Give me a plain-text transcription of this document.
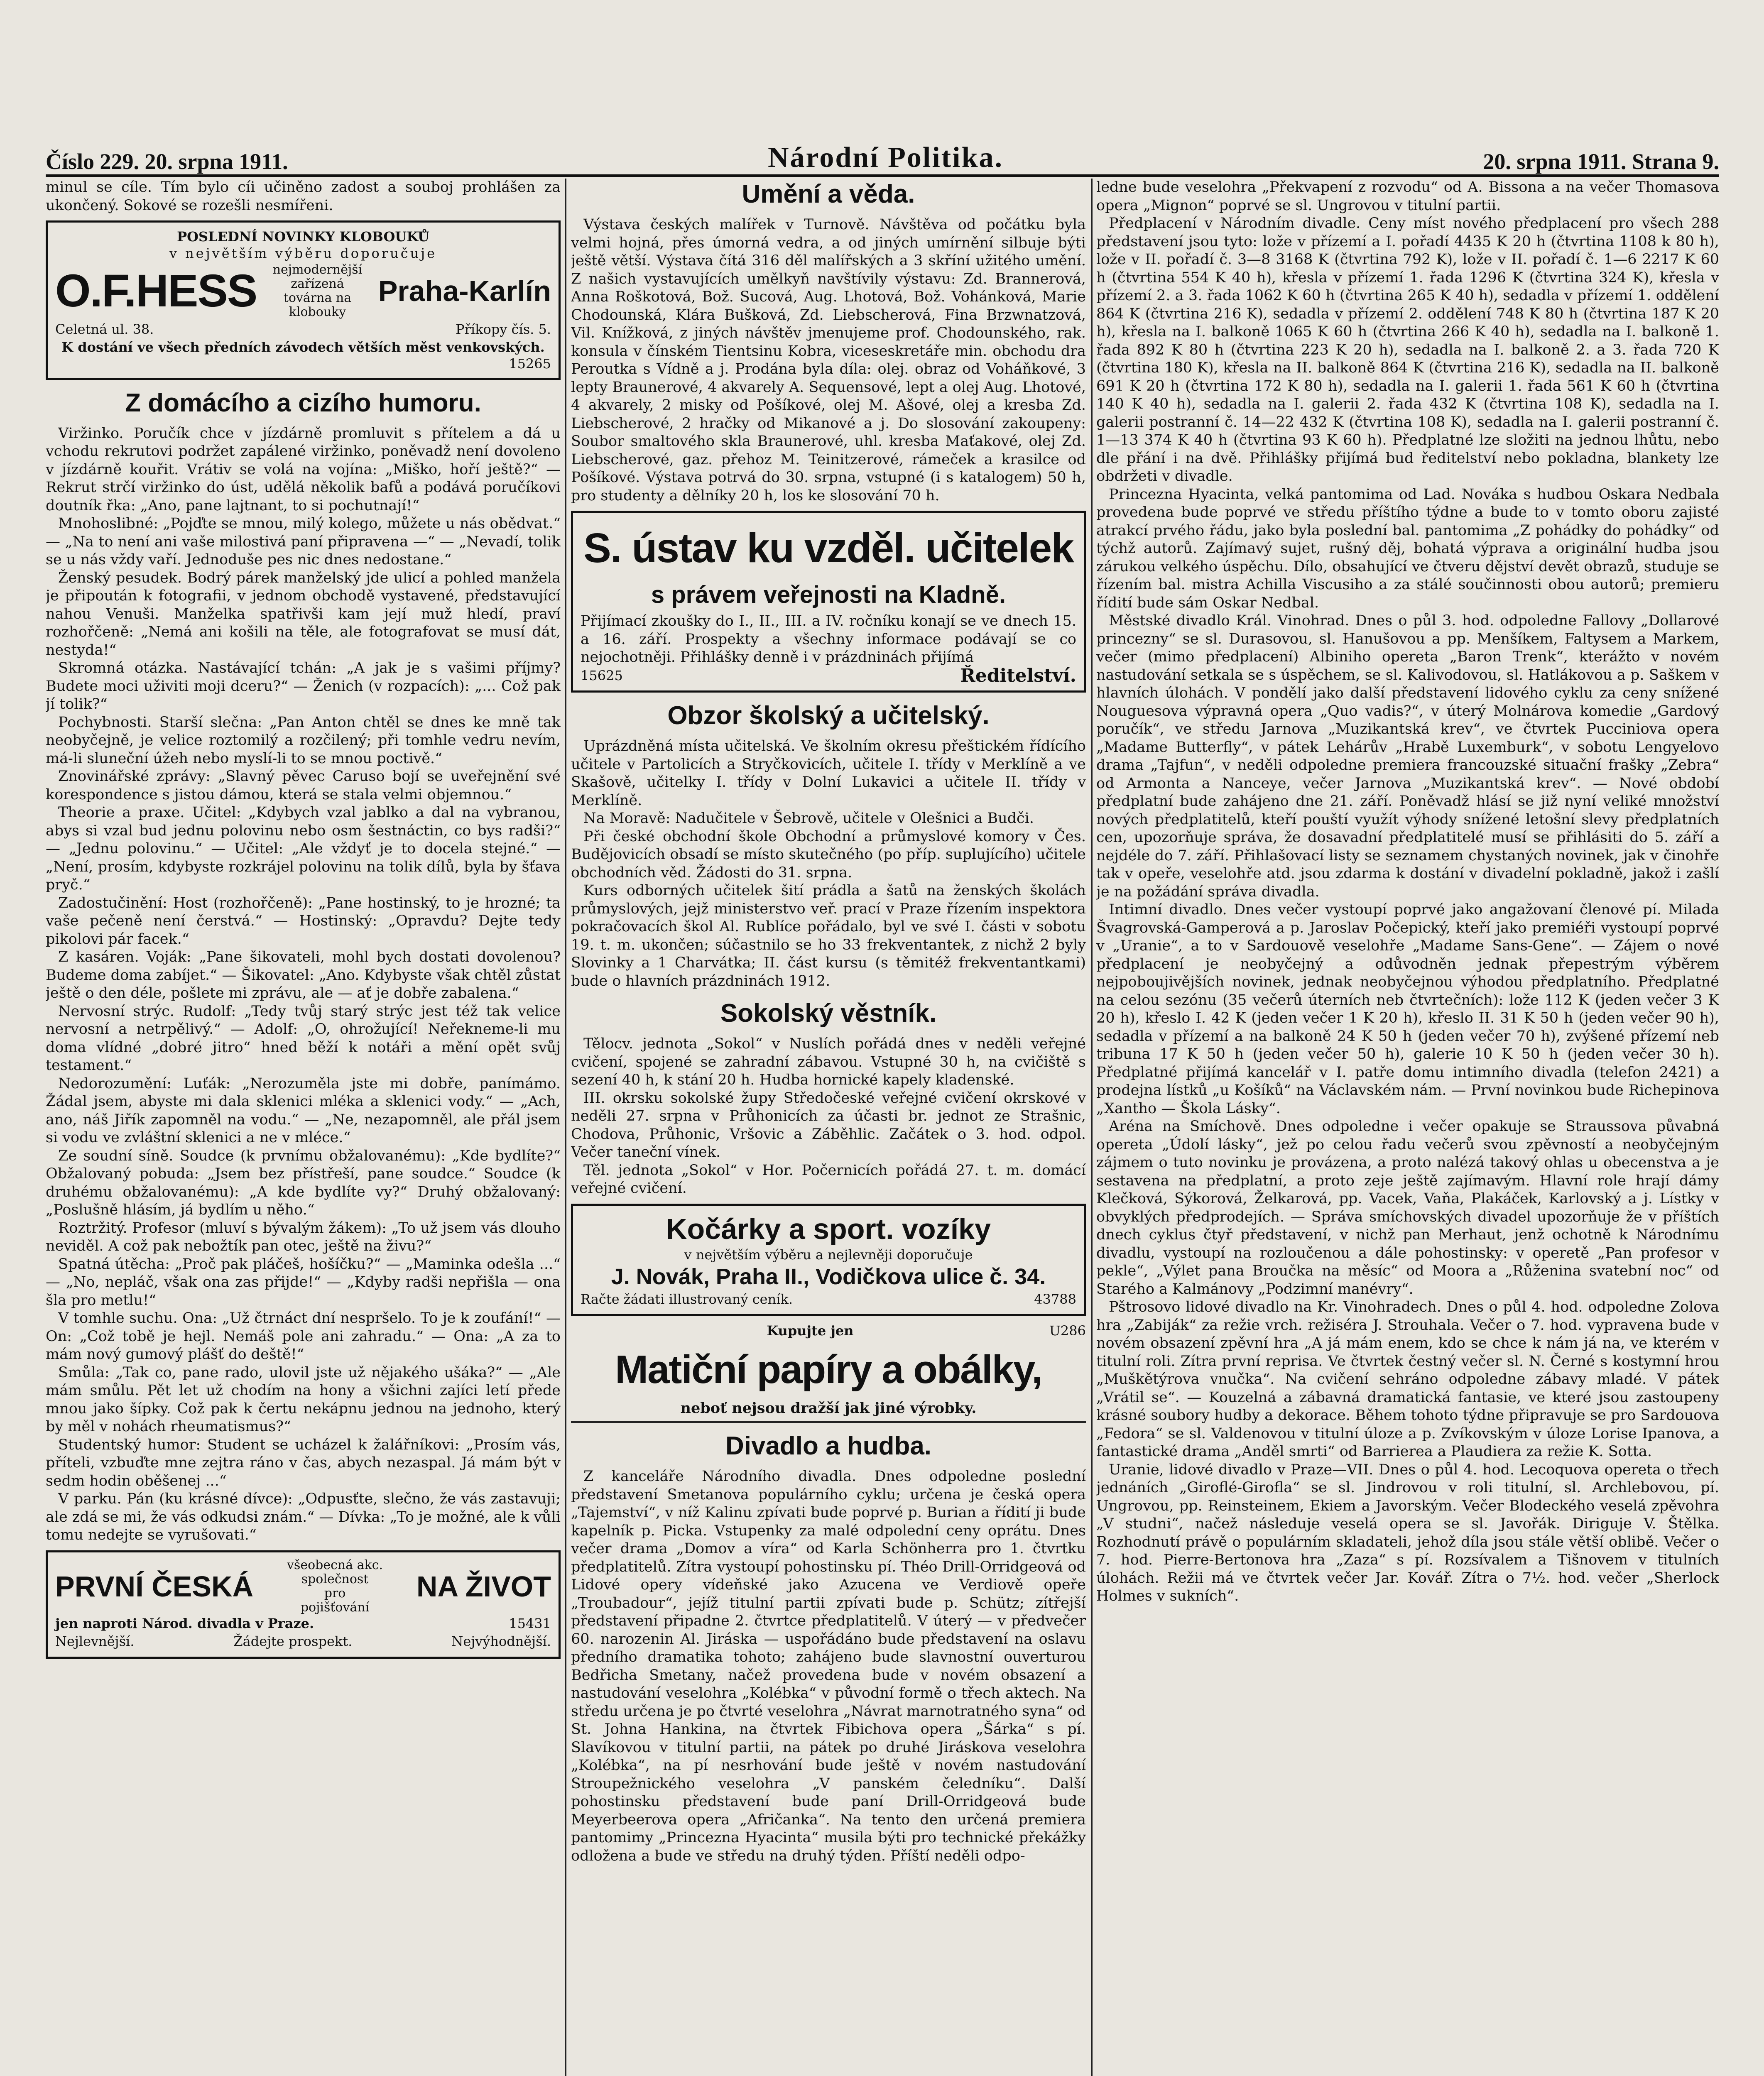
Číslo 229. 20. srpna 1911.	Národní Politika.	20. srpna 1911. Strana 9.

minul se cíle. Tím bylo cíi učiněno zadost a souboj prohlášen za ukončený. Sokové se rozešli nesmířeni.

POSLEDNÍ NOVINKY KLOBOUKŮ

v největším výběru doporučuje

O.F.HESS	nejmodernější zařízená továrna na klobouky
Praha-Karlín
Celetná ul. 38.	Příkopy čís. 5.

K dostání ve všech předních závodech větších měst venkovských.

15265

Z domácího a cizího humoru.

Viržinko. Poručík chce v jízdárně promluvit s přítelem a dá u vchodu rekrutovi podržet zapálené viržinko, poněvadž není dovoleno v jízdárně kouřit. Vrátiv se volá na vojína: „Miško, hoří ještě?“ — Rekrut strčí viržinko do úst, udělá několik bafů a podává poručíkovi doutník řka: „Ano, pane lajtnant, to si pochutnají!“

Mnohoslibné: „Pojďte se mnou, milý kolego, můžete u nás obědvat.“ — „Na to není ani vaše milostivá paní připravena —“ — „Nevadí, tolik se u nás vždy vaří. Jednoduše pes nic dnes nedostane.“

Ženský pesudek. Bodrý párek manželský jde ulicí a pohled manžela je připoután k fotografii, v jednom obchodě vystavené, představující nahou Venuši. Manželka spatřivši kam její muž hledí, praví rozhořčeně: „Nemá ani košili na těle, ale fotografovat se musí dát, nestyda!“

Skromná otázka. Nastávající tchán: „A jak je s vašimi příjmy? Budete moci uživiti moji dceru?“ — Ženich (v rozpacích): „... Což pak jí tolik?“

Pochybnosti. Starší slečna: „Pan Anton chtěl se dnes ke mně tak neobyčejně, je velice roztomilý a rozčilený; při tomhle vedru nevím, má-li sluneční úžeh nebo myslí-li to se mnou poctivě.“

Znovinářské zprávy: „Slavný pěvec Caruso bojí se uveřejnění své korespondence s jistou dámou, která se stala velmi objemnou.“

Theorie a praxe. Učitel: „Kdybych vzal jablko a dal na vybranou, abys si vzal bud jednu polovinu nebo osm šestnáctin, co bys radši?“ — „Jednu polovinu.“ — Učitel: „Ale vždyť je to docela stejné.“ — „Není, prosím, kdybyste rozkrájel polovinu na tolik dílů, byla by šťava pryč.“

Zadostučinění: Host (rozhořčeně): „Pane hostinský, to je hrozné; ta vaše pečeně není čerstvá.“ — Hostinský: „Opravdu? Dejte tedy pikolovi pár facek.“

Z kasáren. Voják: „Pane šikovateli, mohl bych dostati dovolenou? Budeme doma zabíjet.“ — Šikovatel: „Ano. Kdybyste však chtěl zůstat ještě o den déle, pošlete mi zprávu, ale — ať je dobře zabalena.“

Nervosní strýc. Rudolf: „Tedy tvůj starý strýc jest též tak velice nervosní a netrpělivý.“ — Adolf: „O, ohrožující! Neřekneme-li mu doma vlídné „dobré jitro“ hned běží k notáři a mění opět svůj testament.“

Nedorozumění: Luťák: „Nerozuměla jste mi dobře, panímámo. Žádal jsem, abyste mi dala sklenici mléka a sklenici vody.“ — „Ach, ano, náš Jiřík zapomněl na vodu.“ — „Ne, nezapomněl, ale přál jsem si vodu ve zvláštní sklenici a ne v mléce.“

Ze soudní síně. Soudce (k prvnímu obžalovanému): „Kde bydlíte?“ Obžalovaný pobuda: „Jsem bez přístřeší, pane soudce.“ Soudce (k druhému obžalovanému): „A kde bydlíte vy?“ Druhý obžalovaný: „Poslušně hlásím, já bydlím u něho.“

Roztržitý. Profesor (mluví s bývalým žákem): „To už jsem vás dlouho neviděl. A což pak nebožtík pan otec, ještě na živu?“

Spatná útěcha: „Proč pak pláčeš, hošíčku?“ — „Maminka odešla ...“ — „No, nepláč, však ona zas přijde!“ — „Kdyby radši nepřišla — ona šla pro metlu!“

V tomhle suchu. Ona: „Už čtrnáct dní nespršelo. To je k zoufání!“ — On: „Což tobě je hejl. Nemáš pole ani zahradu.“ — Ona: „A za to mám nový gumový plášť do deště!“

Smůla: „Tak co, pane rado, ulovil jste už nějakého ušáka?“ — „Ale mám smůlu. Pět let už chodím na hony a všichni zajíci letí přede mnou jako šípky. Což pak k čertu nekápnu jednou na jednoho, který by měl v nohách rheumatismus?“

Studentský humor: Student se ucházel k žalářníkovi: „Prosím vás, příteli, vzbuďte mne zejtra ráno v čas, abych nezaspal. Já mám být v sedm hodin oběšenej ...“

V parku. Pán (ku krásné dívce): „Odpusťte, slečno, že vás zastavuji; ale zdá se mi, že vás odkudsi znám.“ — Dívka: „To je možné, ale k vůli tomu nedejte se vyrušovati.“

PRVNÍ ČESKÁ
všeobecná akc.
společnost
pro
pojišťování
NA ŽIVOT
jen naproti Národ. divadla v Praze.	15431
Nejlevnější.	Žádejte prospekt.	Nejvýhodnější.
Umění a věda.

Výstava českých malířek v Turnově. Návštěva od počátku byla velmi hojná, přes úmorná vedra, a od jiných umírnění silbuje býti ještě větší. Výstava čítá 316 děl malířských a 3 skříní užitého umění. Z našich vystavujících umělkyň navštívily výstavu: Zd. Brannerová, Anna Roškotová, Bož. Sucová, Aug. Lhotová, Bož. Vohánková, Marie Chodounská, Klára Bušková, Zd. Liebscherová, Fina Brzwnatzová, Vil. Knížková, z jiných návštěv jmenujeme prof. Chodounského, rak. konsula v čínském Tientsinu Kobra, viceseskretáře min. obchodu dra Peroutka s Vídně a j. Prodána byla díla: olej. obraz od Voháňkové, 3 lepty Braunerové, 4 akvarely A. Sequensové, lept a olej Aug. Lhotové, 4 akvarely, 2 misky od Pošíkové, olej M. Ašové, olej a kresba Zd. Liebscherové, 2 hračky od Mikanové a j. Do slosování zakoupeny: Soubor smaltového skla Braunerové, uhl. kresba Maťakové, olej Zd. Liebscherové, gaz. přehoz M. Teinitzerové, rámeček a krasilce od Pošíkové. Výstava potrvá do 30. srpna, vstupné (i s katalogem) 50 h, pro studenty a dělníky 20 h, los ke slosování 70 h.

S. ústav ku vzděl. učitelek

s právem veřejnosti na Kladně.

Přijímací zkoušky do I., II., III. a IV. ročníku konají se ve dnech 15. a 16. září. Prospekty a všechny informace podávají se co nejochotněji. Přihlášky denně i v prázdninách přijímá

15625	Ředitelství.
Obzor školský a učitelský.

Uprázdněná místa učitelská. Ve školním okresu přeštickém řídícího učitele v Partolicích a Stryčkovicích, učitele I. třídy v Merklíně a ve Skašově, učitelky I. třídy v Dolní Lukavici a učitele II. třídy v Merklíně.

Na Moravě: Nadučitele v Šebrově, učitele v Olešnici a Budči.

Při české obchodní škole Obchodní a průmyslové komory v Čes. Budějovicích obsadí se místo skutečného (po příp. suplujícího) učitele obchodních věd. Žádosti do 31. srpna.

Kurs odborných učitelek šití prádla a šatů na ženských školách průmyslových, jejž ministerstvo veř. prací v Praze řízením inspektora pokračovacích škol Al. Rublíce pořádalo, byl ve své I. části v sobotu 19. t. m. ukončen; súčastnilo se ho 33 frekventantek, z nichž 2 byly Slovinky a 1 Charvátka; II. část kursu (s těmitéž frekventantkami) bude o hlavních prázdninách 1912.

Sokolský věstník.

Tělocv. jednota „Sokol“ v Nuslích pořádá dnes v neděli veřejné cvičení, spojené se zahradní zábavou. Vstupné 30 h, na cvičiště s sezení 40 h, k stání 20 h. Hudba hornické kapely kladenské.

III. okrsku sokolské župy Středočeské veřejné cvičení okrskové v neděli 27. srpna v Průhonicích za účasti br. jednot ze Strašnic, Chodova, Průhonic, Vršovic a Záběhlic. Začátek o 3. hod. odpol. Večer taneční vínek.

Těl. jednota „Sokol“ v Hor. Počernicích pořádá 27. t. m. domácí veřejné cvičení.

Kočárky a sport. vozíky

v největším výběru a nejlevněji doporučuje

J. Novák, Praha II., Vodičkova ulice č. 34.

Račte žádati illustrovaný ceník.	43788
Kupujte jen	U286

Matiční papíry a obálky,

neboť nejsou dražší jak jiné výrobky.

Divadlo a hudba.

Z kanceláře Národního divadla. Dnes odpoledne poslední představení Smetanova populárního cyklu; určena je česká opera „Tajemství“, v níž Kalinu zpívati bude poprvé p. Burian a řídití ji bude kapelník p. Picka. Vstupenky za malé odpolední ceny oprátu. Dnes večer drama „Domov a víra“ od Karla Schönherra pro 1. čtvrtku předplatitelů. Zítra vystoupí pohostinsku pí. Théo Drill-Orridgeová od Lidové opery vídeňské jako Azucena ve Verdiově opeře „Troubadour“, jejíž titulní partii zpívati bude p. Schütz; zítřejší představení připadne 2. čtvrtce předplatitelů. V úterý — v předvečer 60. narozenin Al. Jiráska — uspořádáno bude představení na oslavu předního dramatika tohoto; zahájeno bude slavnostní ouverturou Bedřicha Smetany, načež provedena bude v novém obsazení a nastudování veselohra „Kolébka“ v původní formě o třech aktech. Na středu určena je po čtvrté veselohra „Návrat marnotratného syna“ od St. Johna Hankina, na čtvrtek Fibichova opera „Šárka“ s pí. Slavíkovou v titulní partii, na pátek po druhé Jiráskova veselohra „Kolébka“, na pí nesrhování bude ještě v novém nastudování Stroupežnického veselohra „V panském čeledníku“. Další pohostinsku představení bude paní Drill-Orridgeová bude Meyerbeerova opera „Afričanka“. Na tento den určená premiera pantomimy „Princezna Hyacinta“ musila býti pro technické překážky odložena a bude ve středu na druhý týden. Příští neděli odpo-

ledne bude veselohra „Překvapení z rozvodu“ od A. Bissona a na večer Thomasova opera „Mignon“ poprvé se sl. Ungrovou v titulní partii.

Předplacení v Národním divadle. Ceny míst nového předplacení pro všech 288 představení jsou tyto: lože v přízemí a I. pořadí 4435 K 20 h (čtvrtina 1108 k 80 h), lože v II. pořadí č. 3—8 3168 K (čtvrtina 792 K), lože v II. pořadí č. 1—6 2217 K 60 h (čtvrtina 554 K 40 h), křesla v přízemí 1. řada 1296 K (čtvrtina 324 K), křesla v přízemí 2. a 3. řada 1062 K 60 h (čtvrtina 265 K 40 h), sedadla v přízemí 1. oddělení 864 K (čtvrtina 216 K), sedadla v přízemí 2. oddělení 748 K 80 h (čtvrtina 187 K 20 h), křesla na I. balkoně 1065 K 60 h (čtvrtina 266 K 40 h), sedadla na I. balkoně 1. řada 892 K 80 h (čtvrtina 223 K 20 h), sedadla na I. balkoně 2. a 3. řada 720 K (čtvrtina 180 K), křesla na II. balkoně 864 K (čtvrtina 216 K), sedadla na II. balkoně 691 K 20 h (čtvrtina 172 K 80 h), sedadla na I. galerii 1. řada 561 K 60 h (čtvrtina 140 K 40 h), sedadla na I. galerii 2. řada 432 K (čtvrtina 108 K), sedadla na I. galerii postranní č. 14—22 432 K (čtvrtina 108 K), sedadla na I. galerii postranní č. 1—13 374 K 40 h (čtvrtina 93 K 60 h). Předplatné lze složiti na jednou lhůtu, nebo dle přání i na dvě. Přihlášky přijímá bud ředitelství nebo pokladna, blankety lze obdržeti v divadle.

Princezna Hyacinta, velká pantomima od Lad. Nováka s hudbou Oskara Nedbala provedena bude poprvé ve středu příštího týdne a bude to v tomto oboru zajisté atrakcí prvého řádu, jako byla poslední bal. pantomima „Z pohádky do pohádky“ od týchž autorů. Zajímavý sujet, rušný děj, bohatá výprava a originální hudba jsou zárukou velkého úspěchu. Dílo, obsahující ve čtveru dějství devět obrazů, studuje se řízením bal. mistra Achilla Viscusiho a za stálé součinnosti obou autorů; premieru řídití bude sám Oskar Nedbal.

Městské divadlo Král. Vinohrad. Dnes o půl 3. hod. odpoledne Fallovy „Dollarové princezny“ se sl. Durasovou, sl. Hanušovou a pp. Menšíkem, Faltysem a Markem, večer (mimo předplacení) Albiniho opereta „Baron Trenk“, kterážto v novém nastudování setkala se s úspěchem, se sl. Kalivodovou, sl. Hatlákovou a p. Saškem v hlavních úlohách. V pondělí jako další představení lidového cyklu za ceny snížené Nouguesova výpravná opera „Quo vadis?“, v úterý Molnárova komedie „Gardový poručík“, ve středu Jarnova „Muzikantská krev“, ve čtvrtek Pucciniova opera „Madame Butterfly“, v pátek Lehárův „Hrabě Luxemburk“, v sobotu Lengyelovo drama „Tajfun“, v neděli odpoledne premiera francouzské situační frašky „Zebra“ od Armonta a Nanceye, večer Jarnova „Muzikantská krev“. — Nové období předplatní bude zahájeno dne 21. září. Poněvadž hlásí se již nyní veliké množství nových předplatitelů, kteří pouští využít výhody snížené letošní slevy předplatních cen, upozorňuje správa, že dosavadní předplatitelé musí se přihlásiti do 5. září a nejdéle do 7. září. Přihlašovací listy se seznamem chystaných novinek, jak v činohře tak v opeře, veselohře atd. jsou zdarma k dostání v divadelní pokladně, jakož i zašlí je na požádání správa divadla.

Intimní divadlo. Dnes večer vystoupí poprvé jako angažovaní členové pí. Milada Švagrovská-Gamperová a p. Jaroslav Počepický, kteří jako premiéři vystoupí poprvé v „Uranie“, a to v Sardouově veselohře „Madame Sans-Gene“. — Zájem o nové předplacení je neobyčejný a odůvodněn jednak přepestrým výběrem nejpoboujivějších novinek, jednak neobyčejnou výhodou předplatního. Předplatné na celou sezónu (35 večerů úterních neb čtvrtečních): lože 112 K (jeden večer 3 K 20 h), křeslo I. 42 K (jeden večer 1 K 20 h), křeslo II. 31 K 50 h (jeden večer 90 h), sedadla v přízemí a na balkoně 24 K 50 h (jeden večer 70 h), zvýšené přízemí neb tribuna 17 K 50 h (jeden večer 50 h), galerie 10 K 50 h (jeden večer 30 h). Předplatné přijímá kancelář v I. patře domu intimního divadla (telefon 2421) a prodejna lístků „u Košíků“ na Václavském nám. — První novinkou bude Richepinova „Xantho — Škola Lásky“.

Aréna na Smíchově. Dnes odpoledne i večer opakuje se Straussova půvabná opereta „Údolí lásky“, jež po celou řadu večerů svou zpěvností a neobyčejným zájmem o tuto novinku je provázena, a proto nalézá takový ohlas u obecenstva a je sestavena na předplatní, a proto zeje ještě zajímavým. Hlavní role hrají dámy Klečková, Sýkorová, Želkarová, pp. Vacek, Vaňa, Plakáček, Karlovský a j. Lístky v obvyklých předprodejích. — Správa smíchovských divadel upozorňuje že v příštích dnech cyklus čtyř představení, v nichž pan Merhaut, jenž ochotně k Národnímu divadlu, vystoupí na rozloučenou a dále pohostinsky: v operetě „Pan profesor v pekle“, „Výlet pana Broučka na měsíc“ od Moora a „Růženina svatební noc“ od Starého a Kalmánovy „Podzimní manévry“.

Pštrosovo lidové divadlo na Kr. Vinohradech. Dnes o půl 4. hod. odpoledne Zolova hra „Zabiják“ za režie vrch. režiséra J. Strouhala. Večer o 7. hod. vypravena bude v novém obsazení zpěvní hra „A já mám enem, kdo se chce k nám já na, ve kterém v titulní roli. Zítra první reprisa. Ve čtvrtek čestný večer sl. N. Černé s kostymní hrou „Muškětýrova vnučka“. Na cvičení sehráno odpoledne zábavy mladé. V pátek „Vrátil se“. — Kouzelná a zábavná dramatická fantasie, ve které jsou zastoupeny krásné soubory hudby a dekorace. Během tohoto týdne připravuje se pro Sardouova „Fedora“ se sl. Valdenovou v titulní úloze a p. Zvíkovským v úloze Lorise Ipanova, a fantastické drama „Anděl smrti“ od Barrierea a Plaudiera za režie K. Sotta.

Uranie, lidové divadlo v Praze—VII. Dnes o půl 4. hod. Lecoquova opereta o třech jednáních „Giroflé-Girofla“ se sl. Jindrovou v roli titulní, sl. Archlebovou, pí. Ungrovou, pp. Reinsteinem, Ekiem a Javorským. Večer Blodeckého veselá zpěvohra „V studni“, načež následuje veselá opera se sl. Javořák. Diriguje V. Štělka. Rozhodnutí právě o populárním skladateli, jehož díla jsou stále větší oblibě. Večer o 7. hod. Pierre-Bertonova hra „Zaza“ s pí. Rozsívalem a Tišnovem v titulních úlohách. Režii má ve čtvrtek večer Jar. Kovář. Zítra o 7½. hod. večer „Sherlock Holmes v sukních“.
